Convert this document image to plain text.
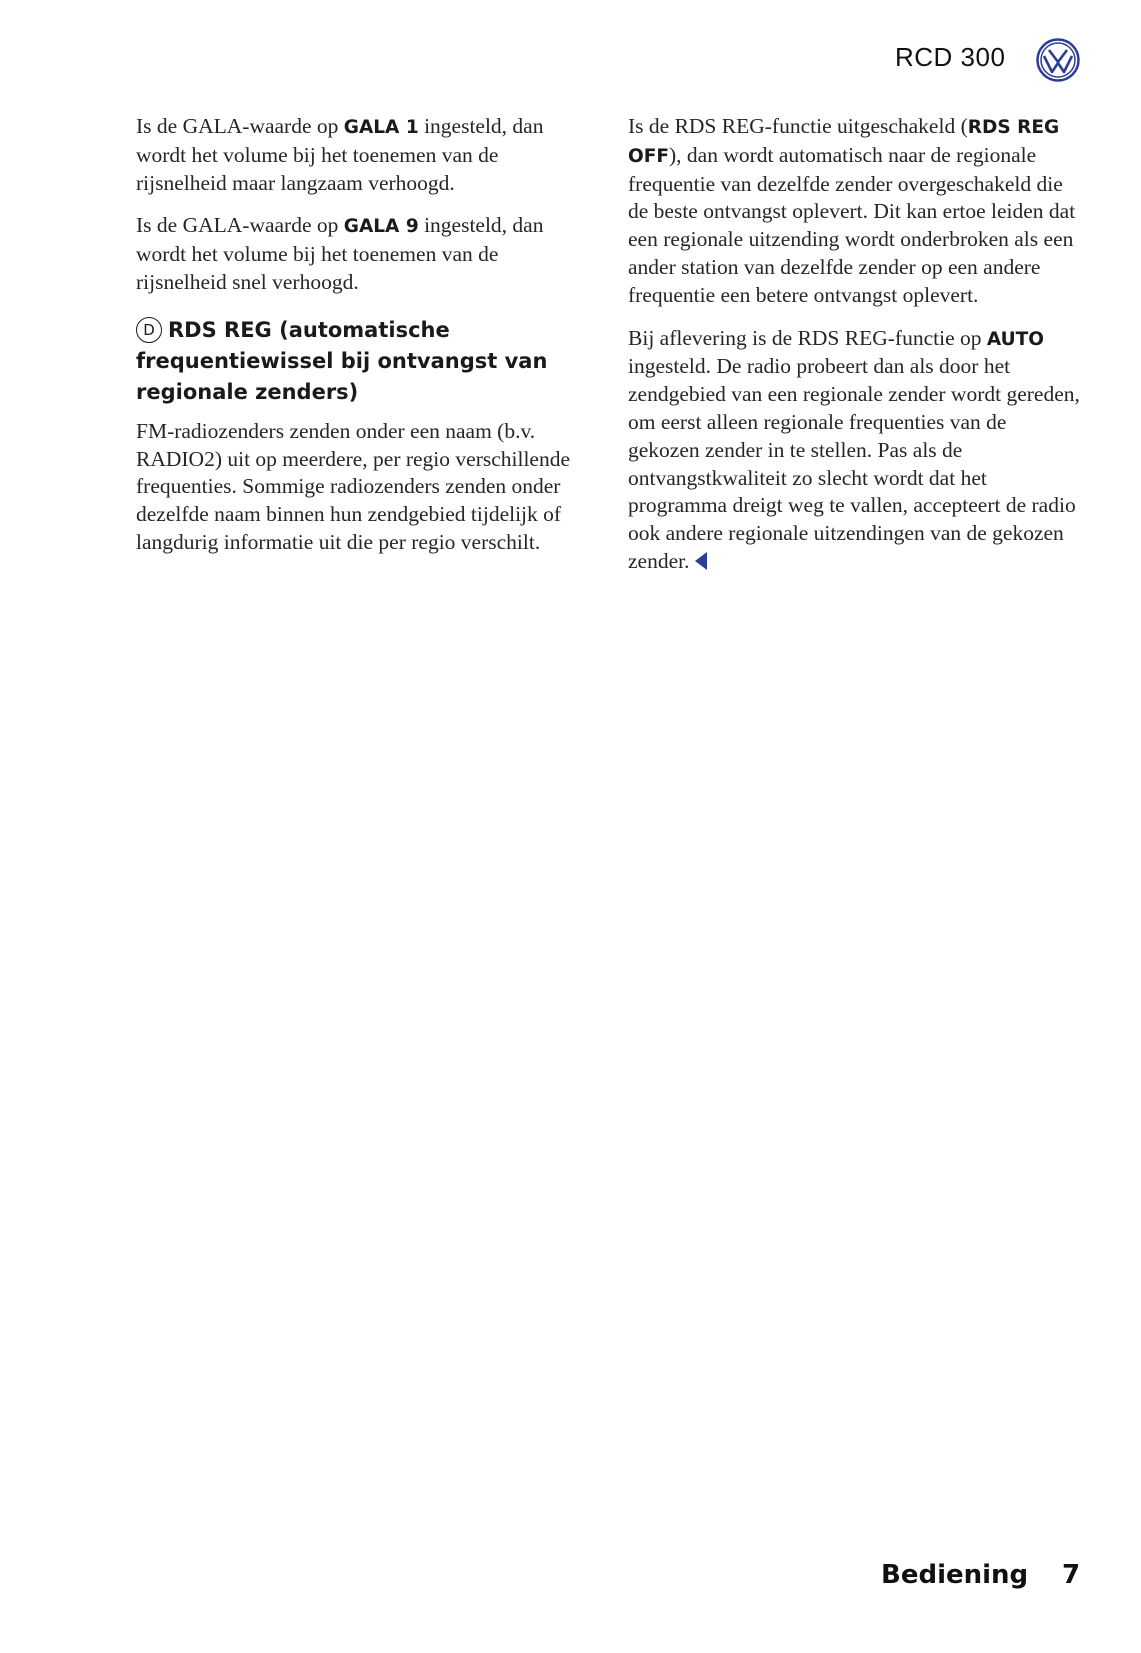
RCD 300

Is de GALA-waarde op GALA 1 ingesteld, dan wordt het volume bij het toenemen van de rijsnelheid maar langzaam verhoogd.

Is de GALA-waarde op GALA 9 ingesteld, dan wordt het volume bij het toenemen van de rijsnelheid snel verhoogd.

D RDS REG (automatische frequentiewissel bij ontvangst van regionale zenders)

FM-radiozenders zenden onder een naam (b.v. RADIO2) uit op meerdere, per regio verschillende frequenties. Sommige radiozenders zenden onder dezelfde naam binnen hun zendgebied tijdelijk of langdurig informatie uit die per regio verschilt.

Is de RDS REG-functie uitgeschakeld (RDS REG OFF), dan wordt automatisch naar de regionale frequentie van dezelfde zender overgeschakeld die de beste ontvangst oplevert. Dit kan ertoe leiden dat een regionale uitzending wordt onderbroken als een ander station van dezelfde zender op een andere frequentie een betere ontvangst oplevert.

Bij aflevering is de RDS REG-functie op AUTO ingesteld. De radio probeert dan als door het zendgebied van een regionale zender wordt gereden, om eerst alleen regionale frequenties van de gekozen zender in te stellen. Pas als de ontvangstkwaliteit zo slecht wordt dat het programma dreigt weg te vallen, accepteert de radio ook andere regionale uitzendingen van de gekozen zender.

Bediening 7
